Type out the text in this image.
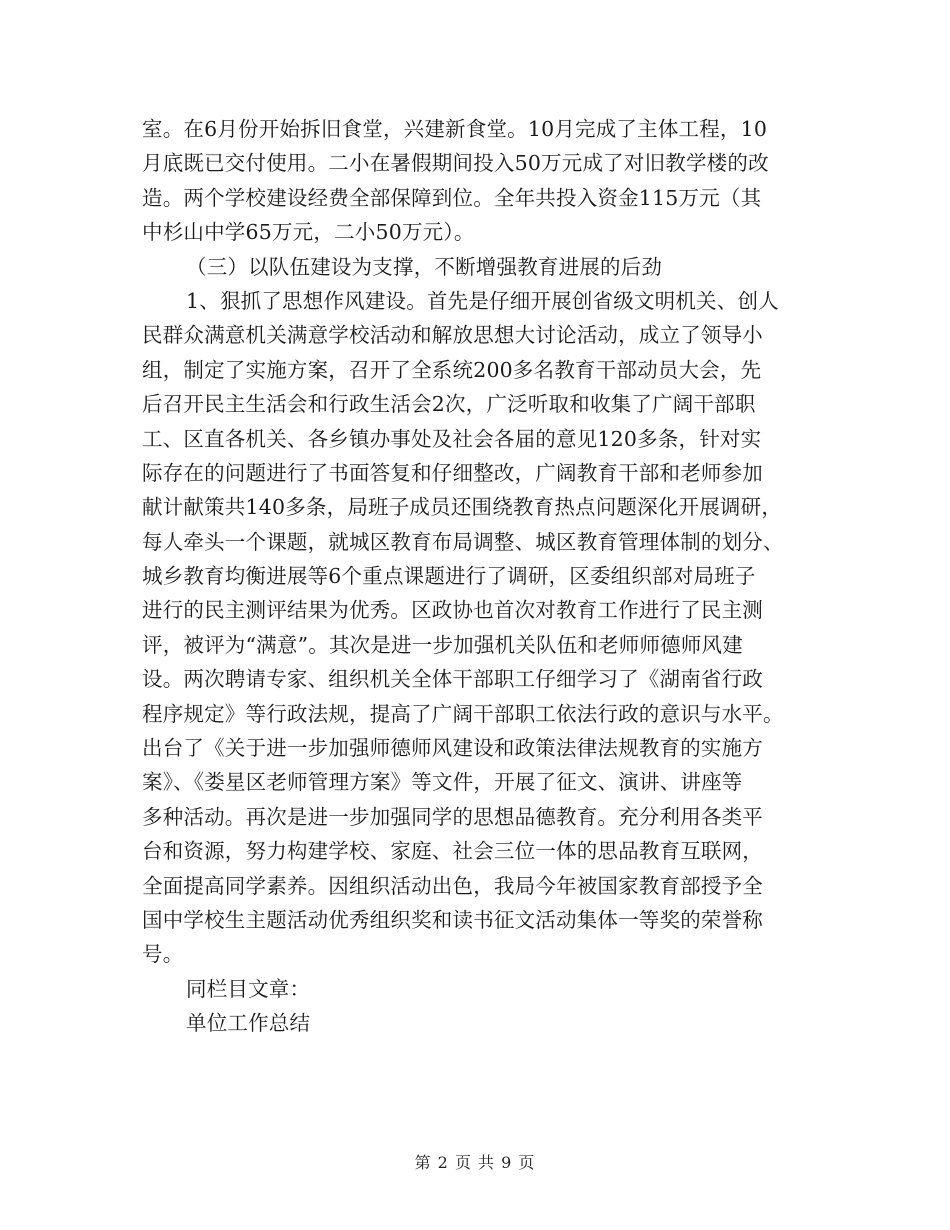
室。在6月份开始拆旧食堂，兴建新食堂。10月完成了主体工程，10
月底既已交付使用。二小在暑假期间投入50万元成了对旧教学楼的改
造。两个学校建设经费全部保障到位。全年共投入资金115万元（其
中杉山中学65万元，二小50万元）。
（三）以队伍建设为支撑，不断增强教育进展的后劲
1、狠抓了思想作风建设。首先是仔细开展创省级文明机关、创人
民群众满意机关满意学校活动和解放思想大讨论活动，成立了领导小
组，制定了实施方案，召开了全系统200多名教育干部动员大会，先
后召开民主生活会和行政生活会2次，广泛听取和收集了广阔干部职
工、区直各机关、各乡镇办事处及社会各届的意见120多条，针对实
际存在的问题进行了书面答复和仔细整改，广阔教育干部和老师参加
献计献策共140多条，局班子成员还围绕教育热点问题深化开展调研，
每人牵头一个课题，就城区教育布局调整、城区教育管理体制的划分、
城乡教育均衡进展等6个重点课题进行了调研，区委组织部对局班子
进行的民主测评结果为优秀。区政协也首次对教育工作进行了民主测
评，被评为“满意”。其次是进一步加强机关队伍和老师师德师风建
设。两次聘请专家、组织机关全体干部职工仔细学习了《湖南省行政
程序规定》等行政法规，提高了广阔干部职工依法行政的意识与水平。
出台了《关于进一步加强师德师风建设和政策法律法规教育的实施方
案》、《娄星区老师管理方案》等文件，开展了征文、演讲、讲座等
多种活动。再次是进一步加强同学的思想品德教育。充分利用各类平
台和资源，努力构建学校、家庭、社会三位一体的思品教育互联网，
全面提高同学素养。因组织活动出色，我局今年被国家教育部授予全
国中学校生主题活动优秀组织奖和读书征文活动集体一等奖的荣誉称
号。
同栏目文章：
单位工作总结
第 2 页 共 9 页
